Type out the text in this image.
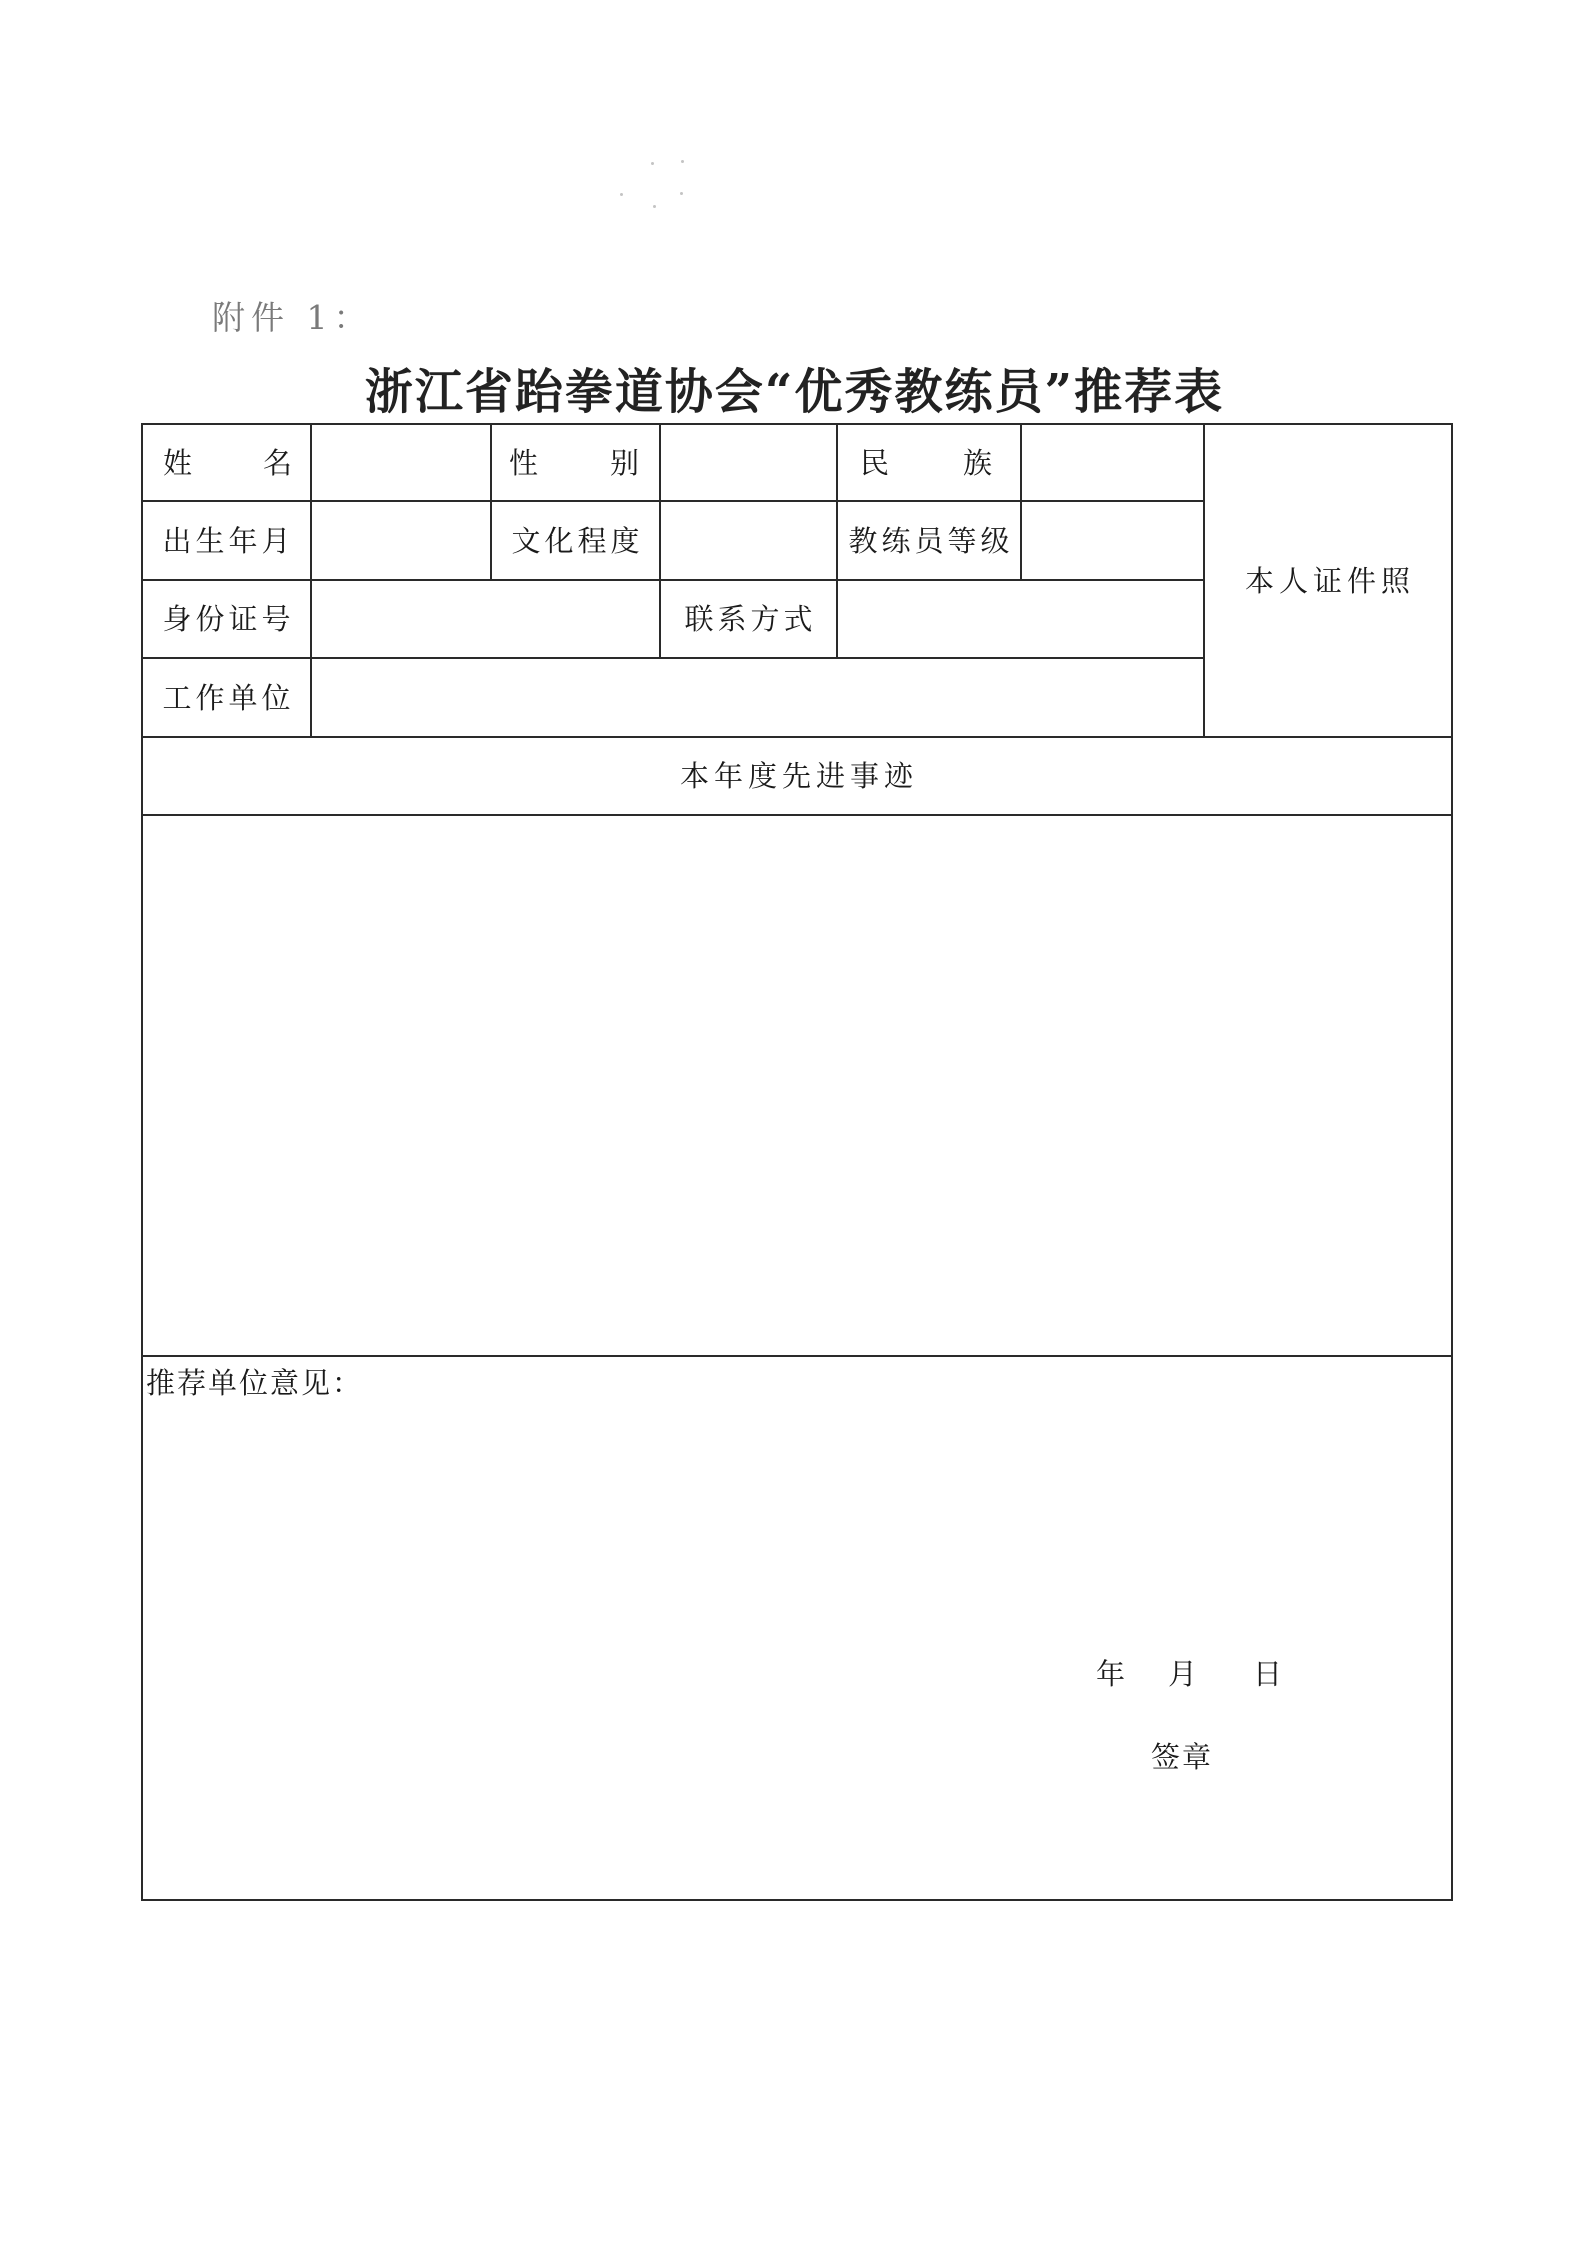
附件 1：
浙江省跆拳道协会“优秀教练员”推荐表
姓 名		性 别		民 族		本人证件照
出生年月		文化程度		教练员等级		
身份证号			联系方式			
工作单位						
本年度先进事迹						

推荐单位意见：
年 月 日
签章						
